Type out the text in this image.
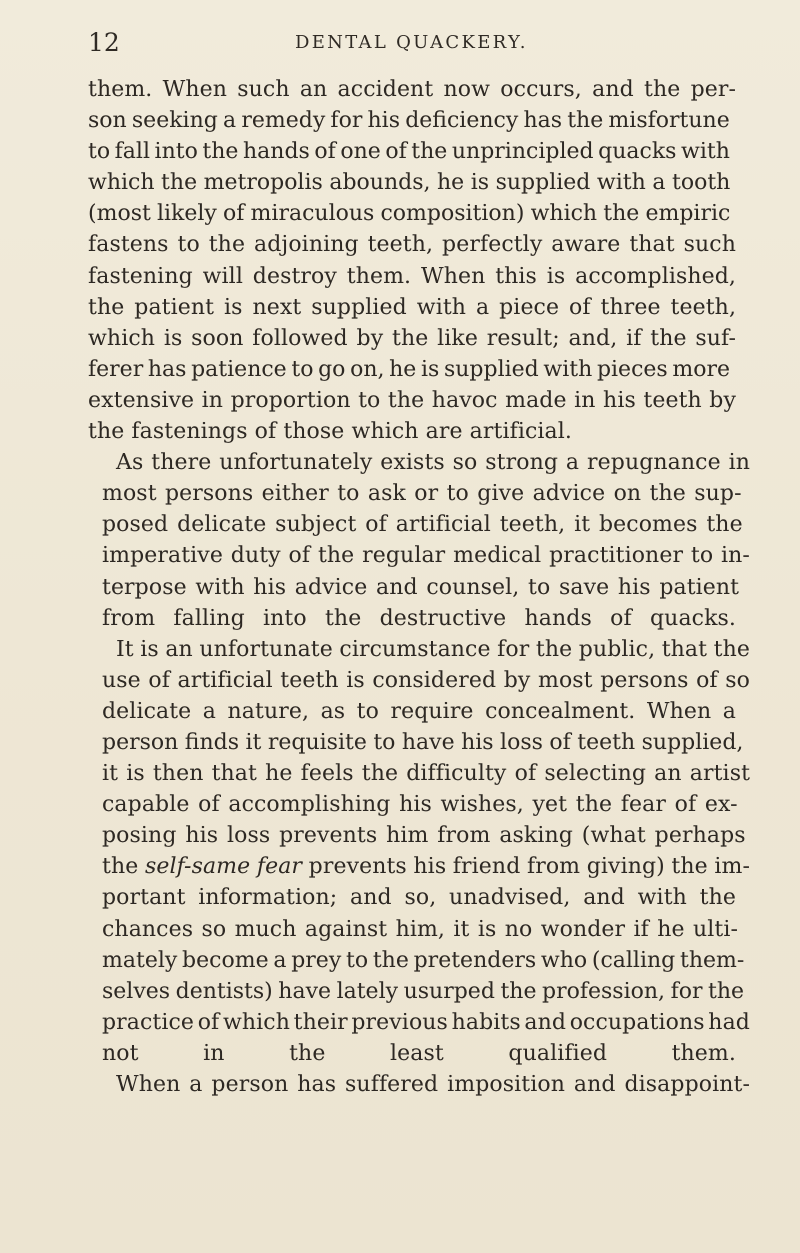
12	DENTAL QUACKERY.
them. When such an accident now occurs, and the per-
son seeking a remedy for his deficiency has the misfortune
to fall into the hands of one of the unprincipled quacks with
which the metropolis abounds, he is supplied with a tooth
(most likely of miraculous composition) which the empiric
fastens to the adjoining teeth, perfectly aware that such
fastening will destroy them. When this is accomplished,
the patient is next supplied with a piece of three teeth,
which is soon followed by the like result; and, if the suf-
ferer has patience to go on, he is supplied with pieces more
extensive in proportion to the havoc made in his teeth by
the fastenings of those which are artificial.
As there unfortunately exists so strong a repugnance in
most persons either to ask or to give advice on the sup-
posed delicate subject of artificial teeth, it becomes the
imperative duty of the regular medical practitioner to in-
terpose with his advice and counsel, to save his patient
from falling into the destructive hands of quacks.
It is an unfortunate circumstance for the public, that the
use of artificial teeth is considered by most persons of so
delicate a nature, as to require concealment. When a
person finds it requisite to have his loss of teeth supplied,
it is then that he feels the difficulty of selecting an artist
capable of accomplishing his wishes, yet the fear of ex-
posing his loss prevents him from asking (what perhaps
the self-same fear prevents his friend from giving) the im-
portant information; and so, unadvised, and with the
chances so much against him, it is no wonder if he ulti-
mately become a prey to the pretenders who (calling them-
selves dentists) have lately usurped the profession, for the
practice of which their previous habits and occupations had
not in the least qualified them.
When a person has suffered imposition and disappoint-
